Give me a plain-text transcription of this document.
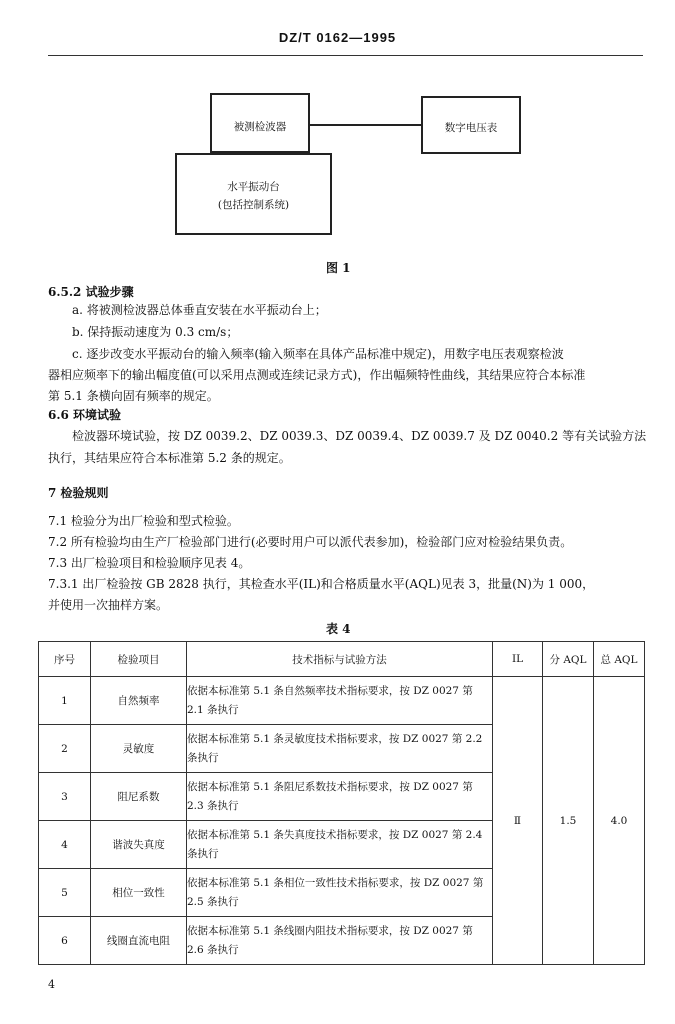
DZ/T 0162—1995
被测检波器	数字电压表
水平振动台
(包括控制系统)
图 1
6.5.2 试验步骤
a. 将被测检波器总体垂直安装在水平振动台上；
b. 保持振动速度为 0.3 cm/s；
c. 逐步改变水平振动台的输入频率(输入频率在具体产品标准中规定)，用数字电压表观察检波
器相应频率下的输出幅度值(可以采用点测或连续记录方式)，作出幅频特性曲线，其结果应符合本标准
第 5.1 条横向固有频率的规定。
6.6 环境试验
检波器环境试验，按 DZ 0039.2、DZ 0039.3、DZ 0039.4、DZ 0039.7 及 DZ 0040.2 等有关试验方法
执行，其结果应符合本标准第 5.2 条的规定。
7 检验规则
7.1 检验分为出厂检验和型式检验。
7.2 所有检验均由生产厂检验部门进行(必要时用户可以派代表参加)，检验部门应对检验结果负责。
7.3 出厂检验项目和检验顺序见表 4。
7.3.1 出厂检验按 GB 2828 执行，其检查水平(IL)和合格质量水平(AQL)见表 3，批量(N)为 1 000，
并使用一次抽样方案。
表 4
序号	检验项目	技术指标与试验方法	IL	分 AQL	总 AQL
1	自然频率	依据本标准第 5.1 条自然频率技术指标要求，按 DZ 0027 第 2.1 条执行	Ⅱ	1.5	4.0
2	灵敏度	依据本标准第 5.1 条灵敏度技术指标要求，按 DZ 0027 第 2.2 条执行			
3	阻尼系数	依据本标准第 5.1 条阻尼系数技术指标要求，按 DZ 0027 第 2.3 条执行			
4	谐波失真度	依据本标准第 5.1 条失真度技术指标要求，按 DZ 0027 第 2.4 条执行			
5	相位一致性	依据本标准第 5.1 条相位一致性技术指标要求，按 DZ 0027 第 2.5 条执行			
6	线圈直流电阻	依据本标准第 5.1 条线圈内阻技术指标要求，按 DZ 0027 第 2.6 条执行			
4
